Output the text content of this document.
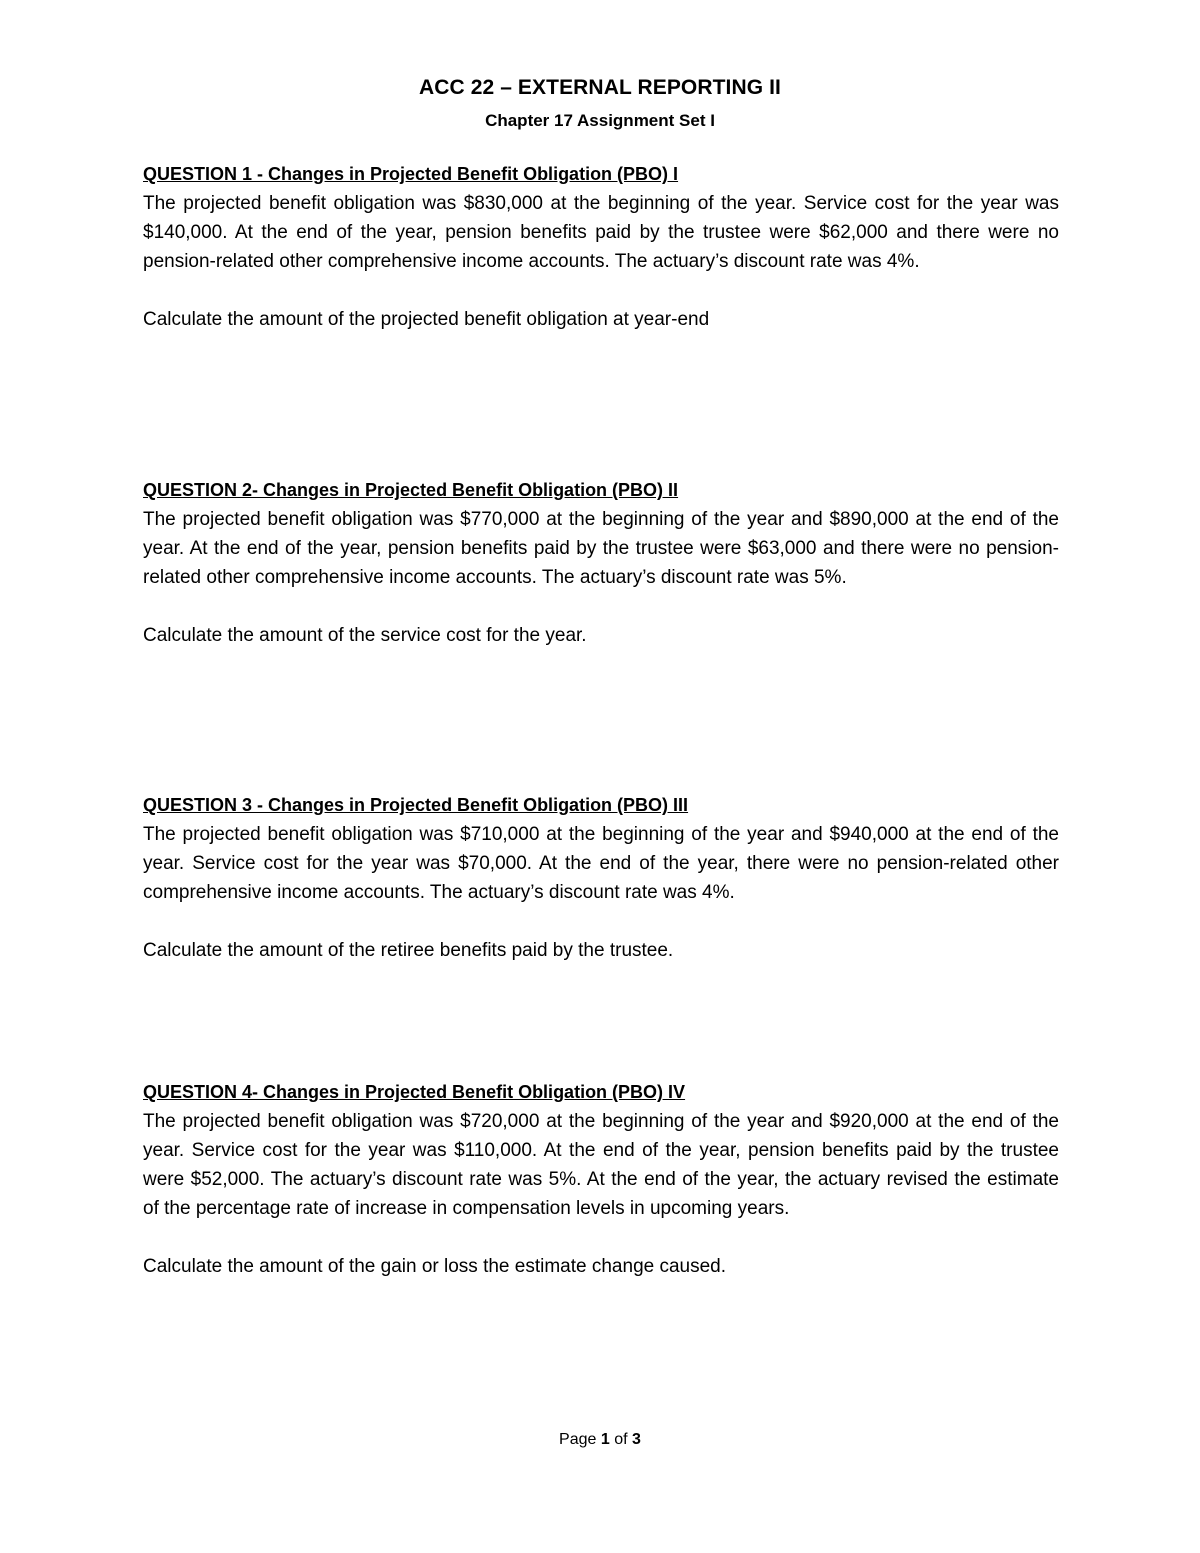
ACC 22 – EXTERNAL REPORTING II
Chapter 17 Assignment Set I
QUESTION 1 - Changes in Projected Benefit Obligation (PBO) I

The projected benefit obligation was $830,000 at the beginning of the year. Service cost for the year was $140,000. At the end of the year, pension benefits paid by the trustee were $62,000 and there were no pension-related other comprehensive income accounts. The actuary’s discount rate was 4%.

Calculate the amount of the projected benefit obligation at year-end

QUESTION 2- Changes in Projected Benefit Obligation (PBO) II

The projected benefit obligation was $770,000 at the beginning of the year and $890,000 at the end of the year. At the end of the year, pension benefits paid by the trustee were $63,000 and there were no pension-related other comprehensive income accounts. The actuary’s discount rate was 5%.

Calculate the amount of the service cost for the year.

QUESTION 3 - Changes in Projected Benefit Obligation (PBO) III

The projected benefit obligation was $710,000 at the beginning of the year and $940,000 at the end of the year. Service cost for the year was $70,000. At the end of the year, there were no pension-related other comprehensive income accounts. The actuary’s discount rate was 4%.

Calculate the amount of the retiree benefits paid by the trustee.

QUESTION 4- Changes in Projected Benefit Obligation (PBO) IV

The projected benefit obligation was $720,000 at the beginning of the year and $920,000 at the end of the year. Service cost for the year was $110,000. At the end of the year, pension benefits paid by the trustee were $52,000. The actuary’s discount rate was 5%. At the end of the year, the actuary revised the estimate of the percentage rate of increase in compensation levels in upcoming years.

Calculate the amount of the gain or loss the estimate change caused.

Page 1 of 3
